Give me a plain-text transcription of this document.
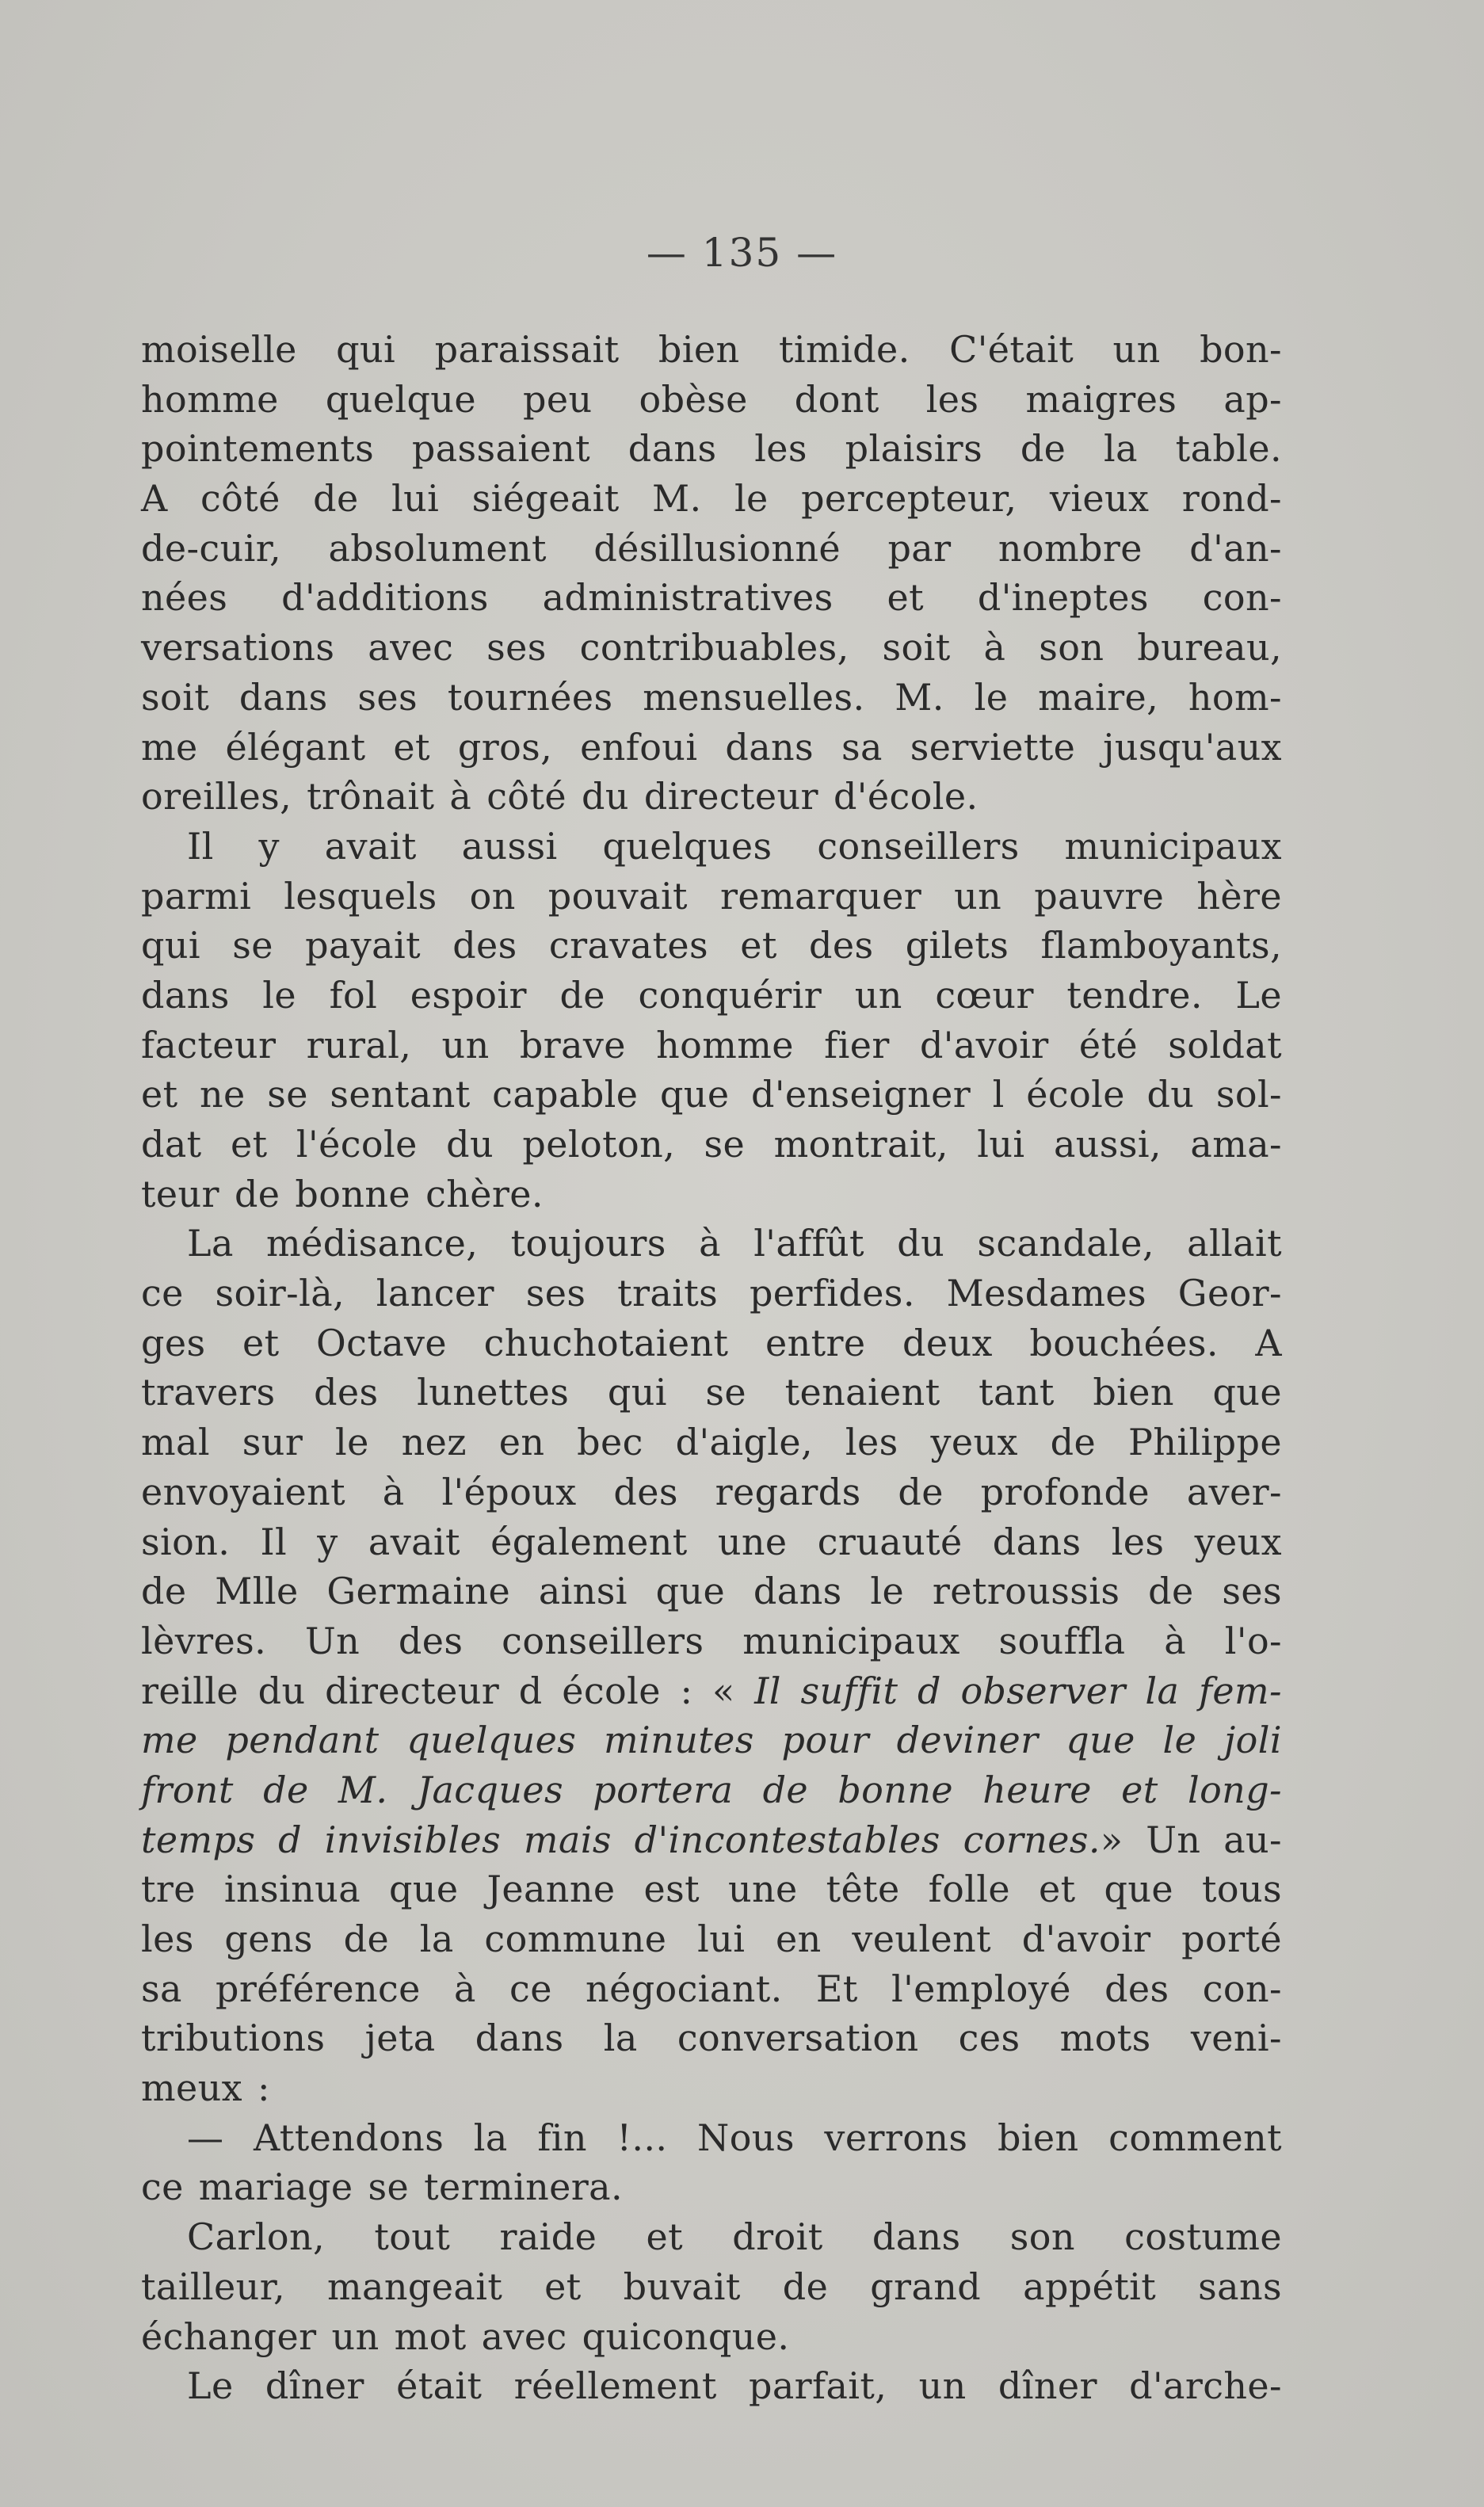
— 135 —
moiselle qui paraissait bien timide. C'était un bon-
homme quelque peu obèse dont les maigres ap-
pointements passaient dans les plaisirs de la table.
A côté de lui siégeait M. le percepteur, vieux rond-
de-cuir, absolument désillusionné par nombre d'an-
nées d'additions administratives et d'ineptes con-
versations avec ses contribuables, soit à son bureau,
soit dans ses tournées mensuelles. M. le maire, hom-
me élégant et gros, enfoui dans sa serviette jusqu'aux
oreilles, trônait à côté du directeur d'école.
Il y avait aussi quelques conseillers municipaux
parmi lesquels on pouvait remarquer un pauvre hère
qui se payait des cravates et des gilets flamboyants,
dans le fol espoir de conquérir un cœur tendre. Le
facteur rural, un brave homme fier d'avoir été soldat
et ne se sentant capable que d'enseigner l école du sol-
dat et l'école du peloton, se montrait, lui aussi, ama-
teur de bonne chère.
La médisance, toujours à l'affût du scandale, allait
ce soir-là, lancer ses traits perfides. Mesdames Geor-
ges et Octave chuchotaient entre deux bouchées. A
travers des lunettes qui se tenaient tant bien que
mal sur le nez en bec d'aigle, les yeux de Philippe
envoyaient à l'époux des regards de profonde aver-
sion. Il y avait également une cruauté dans les yeux
de Mlle Germaine ainsi que dans le retroussis de ses
lèvres. Un des conseillers municipaux souffla à l'o-
reille du directeur d école : « Il suffit d observer la fem-
me pendant quelques minutes pour deviner que le joli
front de M. Jacques portera de bonne heure et long-
temps d invisibles mais d'incontestables cornes.» Un au-
tre insinua que Jeanne est une tête folle et que tous
les gens de la commune lui en veulent d'avoir porté
sa préférence à ce négociant. Et l'employé des con-
tributions jeta dans la conversation ces mots veni-
meux :
— Attendons la fin !... Nous verrons bien comment
ce mariage se terminera.
Carlon, tout raide et droit dans son costume
tailleur, mangeait et buvait de grand appétit sans
échanger un mot avec quiconque.
Le dîner était réellement parfait, un dîner d'arche-
